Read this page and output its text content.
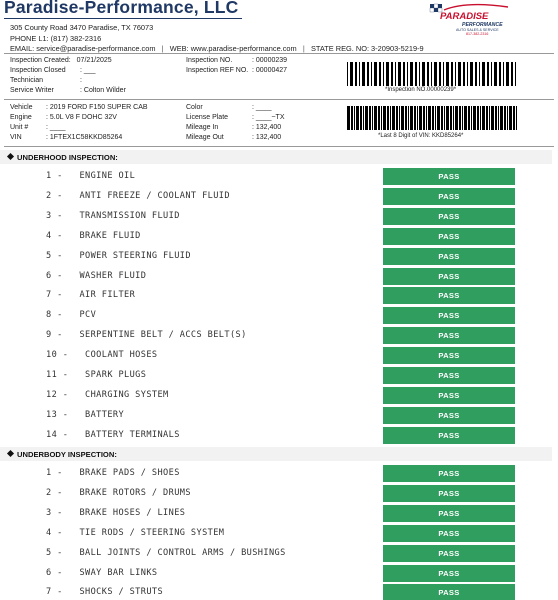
Paradise-Performance, LLC
305 County Road 3470 Paradise, TX 76073
PHONE L1: (817) 382-2316
EMAIL: service@paradise-performance.com   |   WEB: www.paradise-performance.com   |   STATE REG. NO: 3-20903-5219-9
PARADISE
PERFORMANCE
AUTO SALES & SERVICE
817-382-2316
Inspection Created: 07/21/2025
Inspection Closed : ___
Technician	:
Service Writer	: Colton Wilder
Inspection NO.	: 00000239
Inspection REF NO. : 00000427
*Inspection NO.00000239*
Vehicle : 2019 FORD F150 SUPER CAB
Engine : 5.0L V8 F DOHC 32V
Unit #	: ____
VIN	: 1FTEX1C58KKD85264
Color	: ____
License Plate	: ____~TX
Mileage In	: 132,400
Mileage Out	: 132,400	*Last 8 Digit of VIN: KKD85264*
UNDERHOOD INSPECTION:
1 -   ENGINE OIL	PASS
2 -   ANTI FREEZE / COOLANT FLUID	PASS
3 -   TRANSMISSION FLUID	PASS
4 -   BRAKE FLUID	PASS
5 -   POWER STEERING FLUID	PASS
6 -   WASHER FLUID	PASS
7 -   AIR FILTER	PASS
8 -   PCV	PASS
9 -   SERPENTINE BELT / ACCS BELT(S)	PASS
10 -   COOLANT HOSES	PASS
11 -   SPARK PLUGS	PASS
12 -   CHARGING SYSTEM	PASS
13 -   BATTERY	PASS
14 -   BATTERY TERMINALS	PASS
UNDERBODY INSPECTION:
1 -   BRAKE PADS / SHOES	PASS
2 -   BRAKE ROTORS / DRUMS	PASS
3 -   BRAKE HOSES / LINES	PASS
4 -   TIE RODS / STEERING SYSTEM	PASS
5 -   BALL JOINTS / CONTROL ARMS / BUSHINGS	PASS
6 -   SWAY BAR LINKS	PASS
7 -   SHOCKS / STRUTS	PASS
